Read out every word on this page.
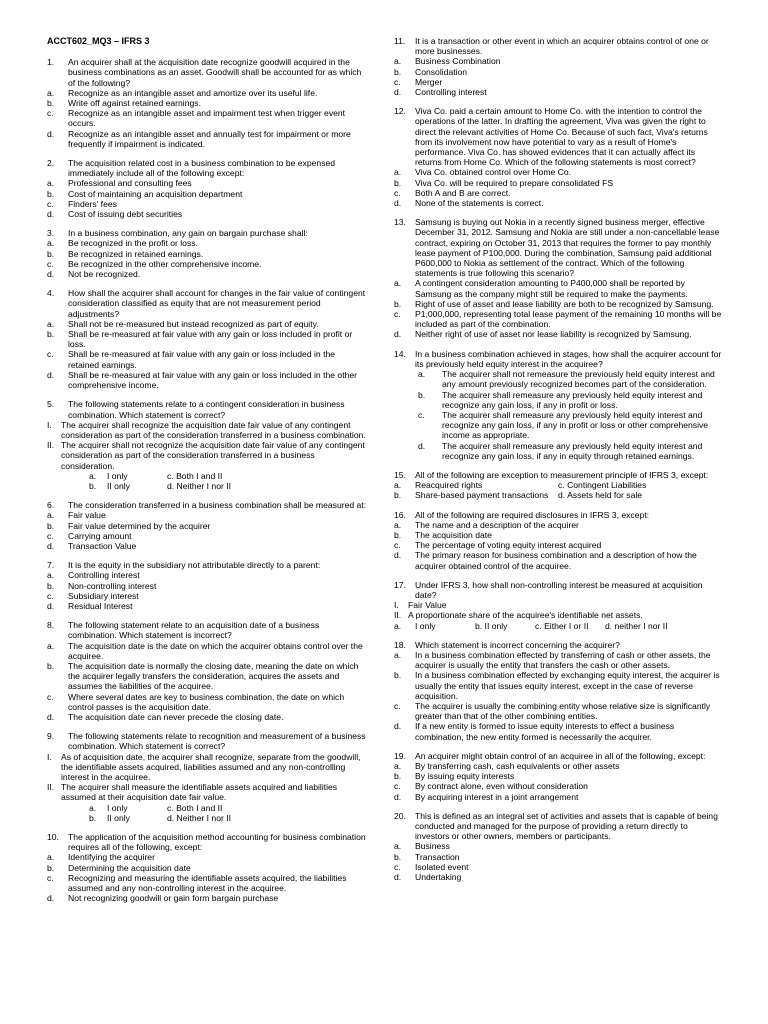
ACCT602_MQ3 – IFRS 3
1.	An acquirer shall at the acquisition date recognize goodwill acquired in the business combinations as an asset. Goodwill shall be accounted for as which of the following?
a.	Recognize as an intangible asset and amortize over its useful life.
b.	Write off against retained earnings.
c.	Recognize as an intangible asset and impairment test when trigger event occurs.
d.	Recognize as an intangible asset and annually test for impairment or more frequently if impairment is indicated.
2.	The acquisition related cost in a business combination to be expensed immediately include all of the following except:
a.	Professional and consulting fees
b.	Cost of maintaining an acquisition department
c.	Finders' fees
d.	Cost of issuing debt securities
3.	In a business combination, any gain on bargain purchase shall:
a.	Be recognized in the profit or loss.
b.	Be recognized in retained earnings.
c.	Be recognized in the other comprehensive income.
d.	Not be recognized.
4.	How shall the acquirer shall account for changes in the fair value of contingent consideration classified as equity that are not measurement period adjustments?
a.	Shall not be re-measured but instead recognized as part of equity.
b.	Shall be re-measured at fair value with any gain or loss included in profit or loss.
c.	Shall be re-measured at fair value with any gain or loss included in the retained earnings.
d.	Shall be re-measured at fair value with any gain or loss included in the other comprehensive income.
5.	The following statements relate to a contingent consideration in business combination. Which statement is correct?
I.	The acquirer shall recognize the acquisition date fair value of any contingent consideration as part of the consideration transferred in a business combination.
II. The acquirer shall not recognize the acquisition date fair value of any contingent consideration as part of the consideration transferred in a business consideration.
a.	I only	c. Both I and II
b.	II only	d. Neither I nor II
6.	The consideration transferred in a business combination shall be measured at:
a.	Fair value
b.	Fair value determined by the acquirer
c.	Carrying amount
d.	Transaction Value
7.	It is the equity in the subsidiary not attributable directly to a parent:
a.	Controlling interest
b.	Non-controlling interest
c.	Subsidiary interest
d.	Residual Interest
8.	The following statement relate to an acquisition date of a business combination. Which statement is incorrect?
a.	The acquisition date is the date on which the acquirer obtains control over the acquiree.
b.	The acquisition date is normally the closing date, meaning the date on which the acquirer legally transfers the consideration, acquires the assets and assumes the liabilities of the acquiree.
c.	Where several dates are key to business combination, the date on which control passes is the acquisition date.
d.	The acquisition date can never precede the closing date.
9.	The following statements relate to recognition and measurement of a business combination. Which statement is correct?
I.	As of acquisition date, the acquirer shall recognize, separate from the goodwill, the identifiable assets acquired, liabilities assumed and any non-controlling interest in the acquiree.
II. The acquirer shall measure the identifiable assets acquired and liabilities assumed at their acquisition date fair value.
a.	I only	c. Both I and II
b.	II only	d. Neither I nor II
10.	The application of the acquisition method accounting for business combination requires all of the following, except:
a.	Identifying the acquirer
b.	Determining the acquisition date
c.	Recognizing and measuring the identifiable assets acquired, the liabilities assumed and any non-controlling interest in the acquiree.
d.	Not recognizing goodwill or gain form bargain purchase
11.	It is a transaction or other event in which an acquirer obtains control of one or more businesses.
a.	Business Combination
b.	Consolidation
c.	Merger
d.	Controlling interest
12.	Viva Co. paid a certain amount to Home Co. with the intention to control the operations of the latter. In drafting the agreement, Viva was given the right to direct the relevant activities of Home Co. Because of such fact, Viva's returns from its involvement now have potential to vary as a result of Home's performance. Viva Co. has showed evidences that it can actually affect its returns from Home Co. Which of the following statements is most correct?
a.	Viva Co. obtained control over Home Co.
b.	Viva Co. will be required to prepare consolidated FS
c.	Both A and B are correct.
d.	None of the statements is correct.
13.	Samsung is buying out Nokia in a recently signed business merger, effective December 31, 2012. Samsung and Nokia are still under a non-cancellable lease contract, expiring on October 31, 2013 that requires the former to pay monthly lease payment of P100,000. During the combination, Samsung paid additional P600,000 to Nokia as settlement of the contract. Which of the following statements is true following this scenario?
a.	A contingent consideration amounting to P400,000 shall be reported by Samsung as the company might still be required to make the payments.
b.	Right of use of asset and lease liability are both to be recognized by Samsung.
c.	P1,000,000, representing total lease payment of the remaining 10 months will be included as part of the combination.
d.	Neither right of use of asset nor lease liability is recognized by Samsung.
14.	In a business combination achieved in stages, how shall the acquirer account for its previously held equity interest in the acquiree?
a.	The acquirer shall not remeasure the previously held equity interest and any amount previously recognized becomes part of the consideration.
b.	The acquirer shall remeasure any previously held equity interest and recognize any gain loss, if any in profit or loss.
c.	The acquirer shall remeasure any previously held equity interest and recognize any gain loss, if any in profit or loss or other comprehensive income as appropriate.
d.	The acquirer shall remeasure any previously held equity interest and recognize any gain loss, if any in equity through retained earnings.
15.	All of the following are exception to measurement principle of IFRS 3, except:
a.	Reacquired rights	c. Contingent Liabilities
b.	Share-based payment transactions	d. Assets held for sale
16.	All of the following are required disclosures in IFRS 3, except:
a.	The name and a description of the acquirer
b.	The acquisition date
c.	The percentage of voting equity interest acquired
d.	The primary reason for business combination and a description of how the acquirer obtained control of the acquiree.
17.	Under IFRS 3, how shall non-controlling interest be measured at acquisition date?
I.	Fair Value
II. A proportionate share of the acquiree's identifiable net assets.
a.	I only	b. II only	c. Either I or II	d. neither I nor II
18.	Which statement is incorrect concerning the acquirer?
a.	In a business combination effected by transferring of cash or other assets, the acquirer is usually the entity that transfers the cash or other assets.
b.	In a business combination effected by exchanging equity interest, the acquirer is usually the entity that issues equity interest, except in the case of reverse acquisition.
c.	The acquirer is usually the combining entity whose relative size is significantly greater than that of the other combining entities.
d.	If a new entity is formed to issue equity interests to effect a business combination, the new entity formed is necessarily the acquirer.
19.	An acquirer might obtain control of an acquiree in all of the following, except:
a.	By transferring cash, cash equivalents or other assets
b.	By issuing equity interests
c.	By contract alone, even without consideration
d.	By acquiring interest in a joint arrangement
20.	This is defined as an integral set of activities and assets that is capable of being conducted and managed for the purpose of providing a return directly to investors or other owners, members or participants.
a.	Business
b.	Transaction
c.	Isolated event
d.	Undertaking
